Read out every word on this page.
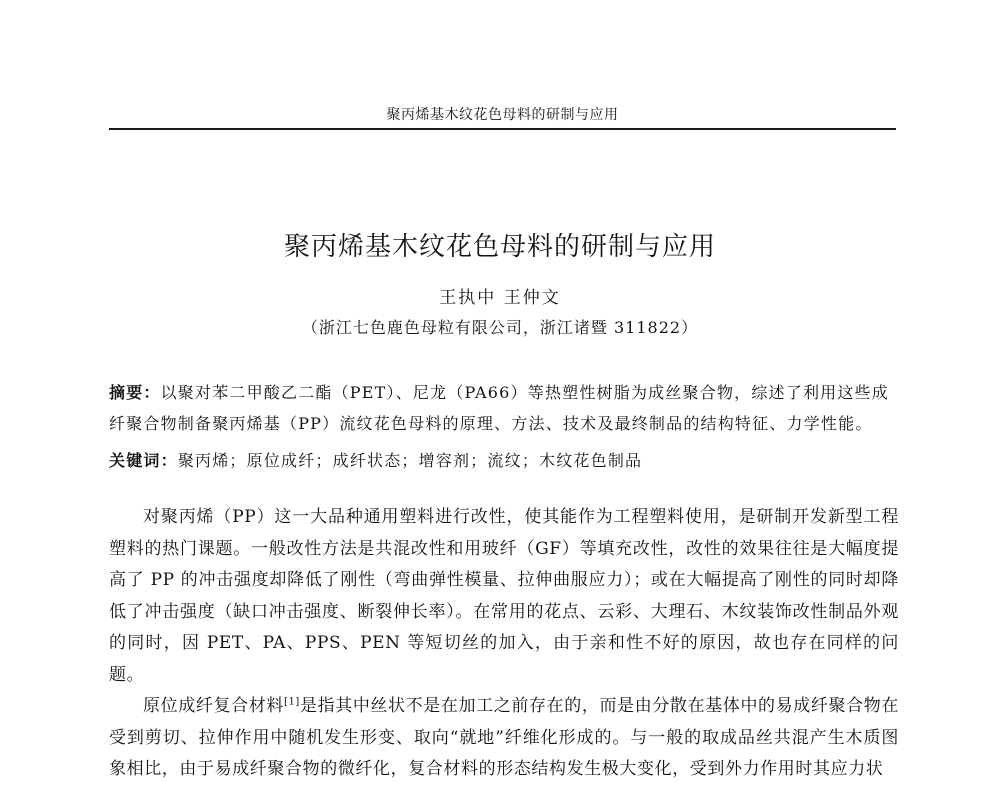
聚丙烯基木纹花色母料的研制与应用
聚丙烯基木纹花色母料的研制与应用
王执中 王仲文
（浙江七色鹿色母粒有限公司，浙江诸暨 311822）

摘要：以聚对苯二甲酸乙二酯（PET）、尼龙（PA66）等热塑性树脂为成丝聚合物，综述了利用这些成纤聚合物制备聚丙烯基（PP）流纹花色母料的原理、方法、技术及最终制品的结构特征、力学性能。

关键词：聚丙烯；原位成纤；成纤状态；增容剂；流纹；木纹花色制品

对聚丙烯（PP）这一大品种通用塑料进行改性，使其能作为工程塑料使用，是研制开发新型工程塑料的热门课题。一般改性方法是共混改性和用玻纤（GF）等填充改性，改性的效果往往是大幅度提高了 PP 的冲击强度却降低了刚性（弯曲弹性模量、拉伸曲服应力）；或在大幅提高了刚性的同时却降低了冲击强度（缺口冲击强度、断裂伸长率）。在常用的花点、云彩、大理石、木纹装饰改性制品外观的同时，因 PET、PA、PPS、PEN 等短切丝的加入，由于亲和性不好的原因，故也存在同样的问题。

原位成纤复合材料[1]是指其中丝状不是在加工之前存在的，而是由分散在基体中的易成纤聚合物在受到剪切、拉伸作用中随机发生形变、取向“就地”纤维化形成的。与一般的取成品丝共混产生木质图象相比，由于易成纤聚合物的微纤化，复合材料的形态结构发生极大变化，受到外力作用时其应力状
